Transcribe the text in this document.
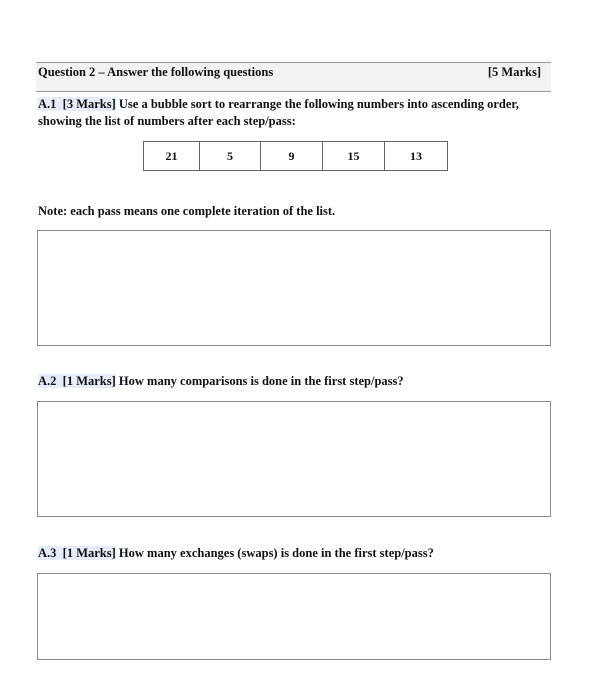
Question 2 – Answer the following questions	[5 Marks]
A.1 [3 Marks] Use a bubble sort to rearrange the following numbers into ascending order,
showing the list of numbers after each step/pass:
21	5	9	15	13
Note: each pass means one complete iteration of the list.
A.2 [1 Marks] How many comparisons is done in the first step/pass?
A.3 [1 Marks] How many exchanges (swaps) is done in the first step/pass?
